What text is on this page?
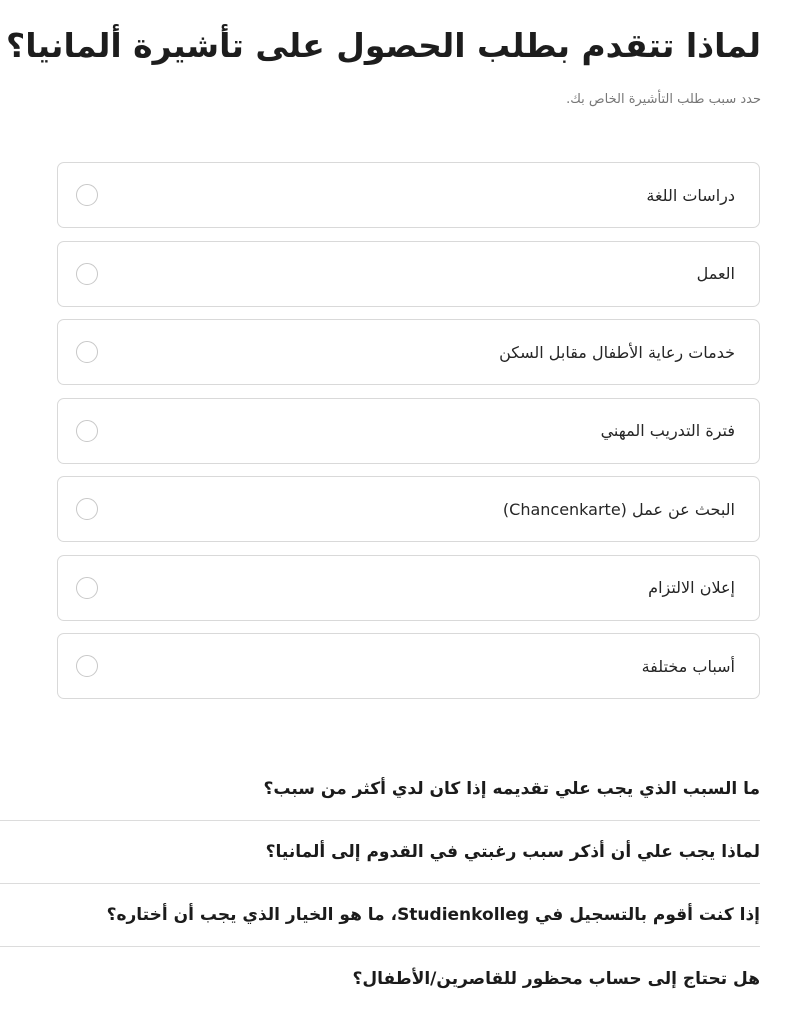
لماذا تتقدم بطلب الحصول على تأشيرة ألمانيا؟

حدد سبب طلب التأشيرة الخاص بك.

دراسات اللغة
العمل
خدمات رعاية الأطفال مقابل السكن
فترة التدريب المهني
البحث عن عمل (Chancenkarte)
إعلان الالتزام
أسباب مختلفة
ما السبب الذي يجب علي تقديمه إذا كان لدي أكثر من سبب؟
لماذا يجب علي أن أذكر سبب رغبتي في القدوم إلى ألمانيا؟
إذا كنت أقوم بالتسجيل في Studienkolleg، ما هو الخيار الذي يجب أن أختاره؟
هل تحتاج إلى حساب محظور للقاصرين/الأطفال؟
